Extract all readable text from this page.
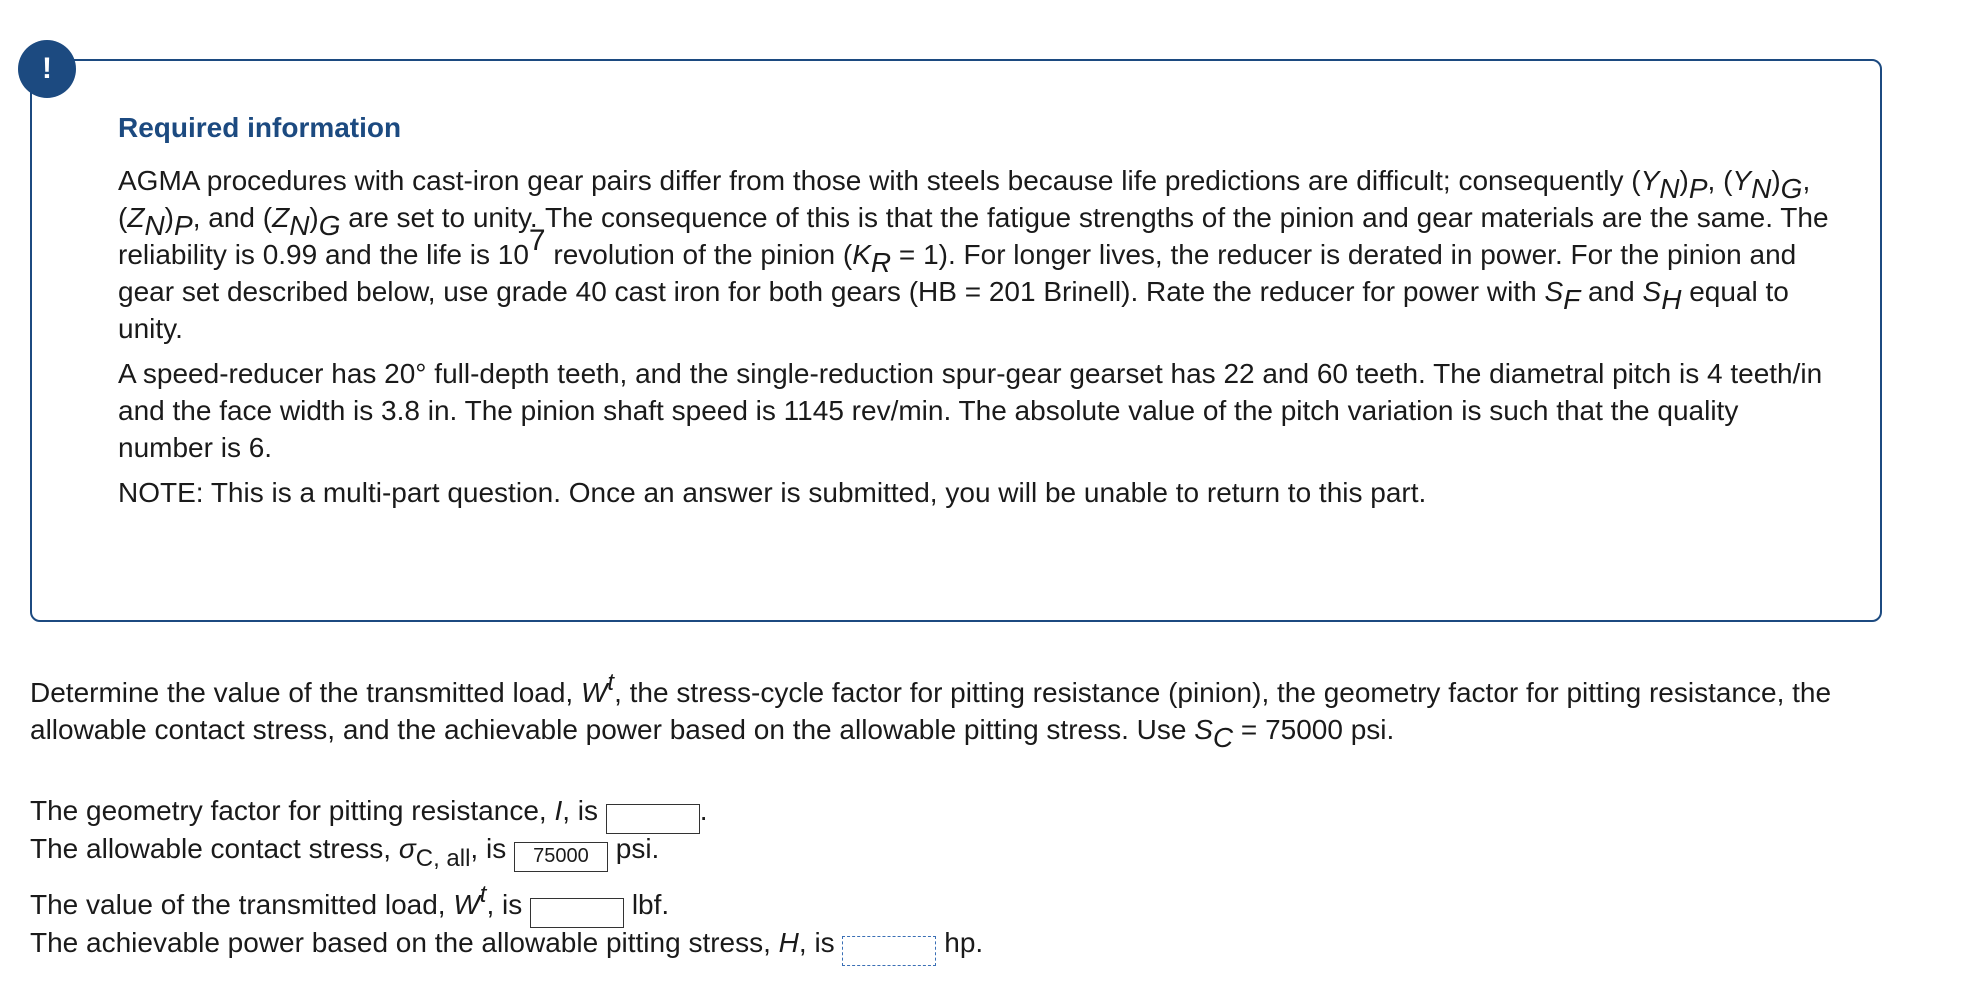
!
Required information

AGMA procedures with cast-iron gear pairs differ from those with steels because life predictions are difficult; consequently $(Y_N)_P$, $(Y_N)_G$, $(Z_N)_P$, and $(Z_N)_G$ are set to unity. The consequence of this is that the fatigue strengths of the pinion and gear materials are the same. The reliability is 0.99 and the life is $10^7$ revolution of the pinion $(K_R = 1)$. For longer lives, the reducer is derated in power. For the pinion and gear set described below, use grade 40 cast iron for both gears (HB = 201 Brinell). Rate the reducer for power with $S_F$ and $S_H$ equal to unity.

A speed-reducer has 20° full-depth teeth, and the single-reduction spur-gear gearset has 22 and 60 teeth. The diametral pitch is 4 teeth/in and the face width is 3.8 in. The pinion shaft speed is 1145 rev/min. The absolute value of the pitch variation is such that the quality number is 6.

NOTE: This is a multi-part question. Once an answer is submitted, you will be unable to return to this part.

Determine the value of the transmitted load, $W^t$, the stress-cycle factor for pitting resistance (pinion), the geometry factor for pitting resistance, the allowable contact stress, and the achievable power based on the allowable pitting stress. Use $S_C = 75000$ psi.

The geometry factor for pitting resistance, I, is	.

The allowable contact stress, $\sigma_{C, all}$, is 75000	psi.

The value of the transmitted load, $W^t$, is	lbf.

The achievable power based on the allowable pitting stress, H, is	hp.
